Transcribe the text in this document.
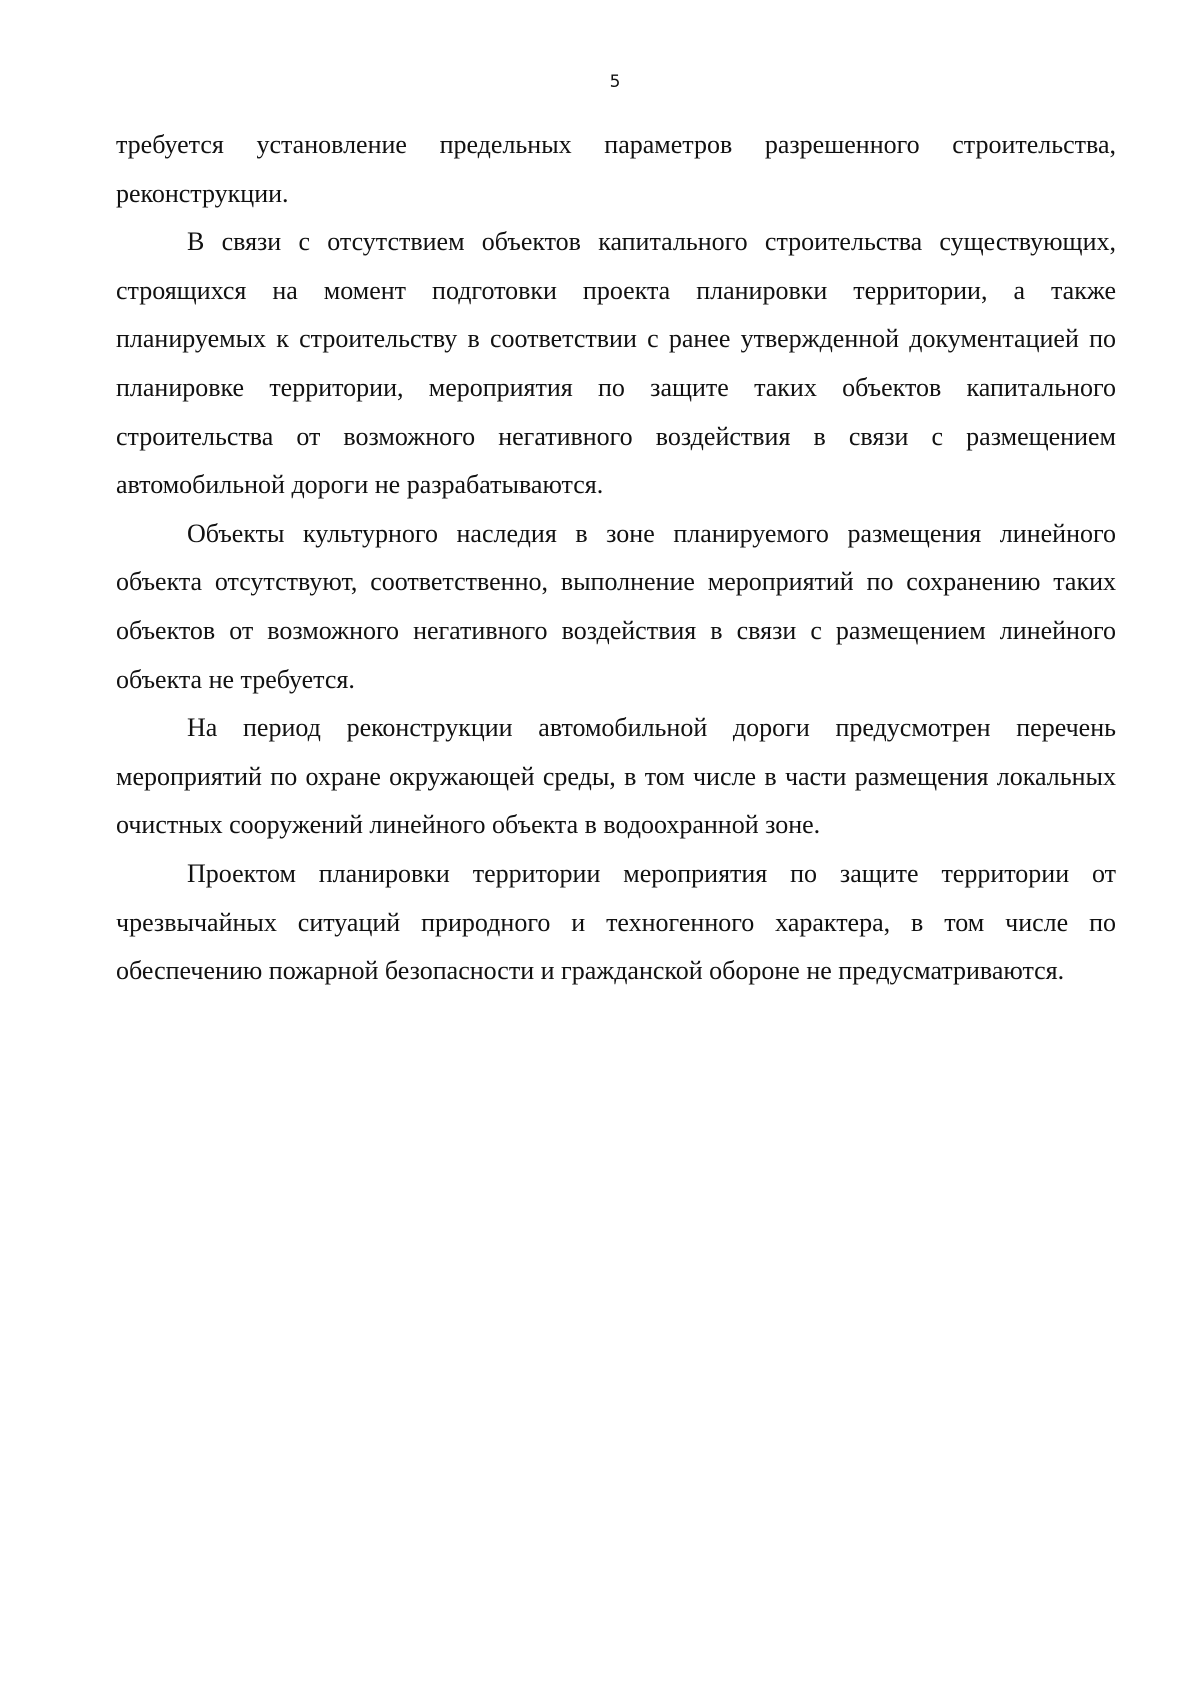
5

требуется установление предельных параметров разрешенного строительства, реконструкции.

В связи с отсутствием объектов капитального строительства существующих, строящихся на момент подготовки проекта планировки территории, а также планируемых к строительству в соответствии с ранее утвержденной документацией по планировке территории, мероприятия по защите таких объектов капитального строительства от возможного негативного воздействия в связи с размещением автомобильной дороги не разрабатываются.

Объекты культурного наследия в зоне планируемого размещения линейного объекта отсутствуют, соответственно, выполнение мероприятий по сохранению таких объектов от возможного негативного воздействия в связи с размещением линейного объекта не требуется.

На период реконструкции автомобильной дороги предусмотрен перечень мероприятий по охране окружающей среды, в том числе в части размещения локальных очистных сооружений линейного объекта в водоохранной зоне.

Проектом планировки территории мероприятия по защите территории от чрезвычайных ситуаций природного и техногенного характера, в том числе по обеспечению пожарной безопасности и гражданской обороне не предусматриваются.
